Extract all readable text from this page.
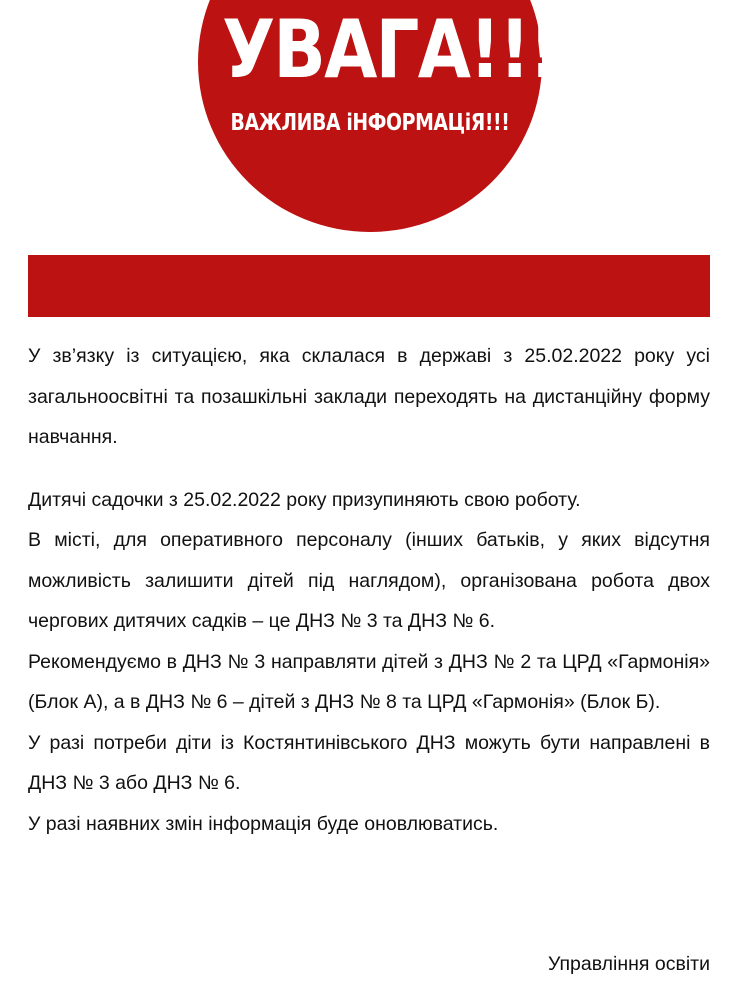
УВАГА!!!
ВАЖЛИВА іНФОРМАЦіЯ!!!

У зв’язку із ситуацією, яка склалася в державі з 25.02.2022 року усі загальноосвітні та позашкільні заклади переходять на дистанційну форму навчання.

Дитячі садочки з 25.02.2022 року призупиняють свою роботу.

В місті, для оперативного персоналу (інших батьків, у яких відсутня можливість залишити дітей під наглядом), організована робота двох чергових дитячих садків – це ДНЗ № 3 та ДНЗ № 6.

Рекомендуємо в ДНЗ № 3 направляти дітей з ДНЗ № 2 та ЦРД «Гармонія» (Блок А), а в ДНЗ № 6 – дітей з ДНЗ № 8 та ЦРД «Гармонія» (Блок Б).

У разі потреби діти із Костянтинівського ДНЗ можуть бути направлені в ДНЗ № 3 або ДНЗ № 6.

У разі наявних змін інформація буде оновлюватись.

Управління освіти
